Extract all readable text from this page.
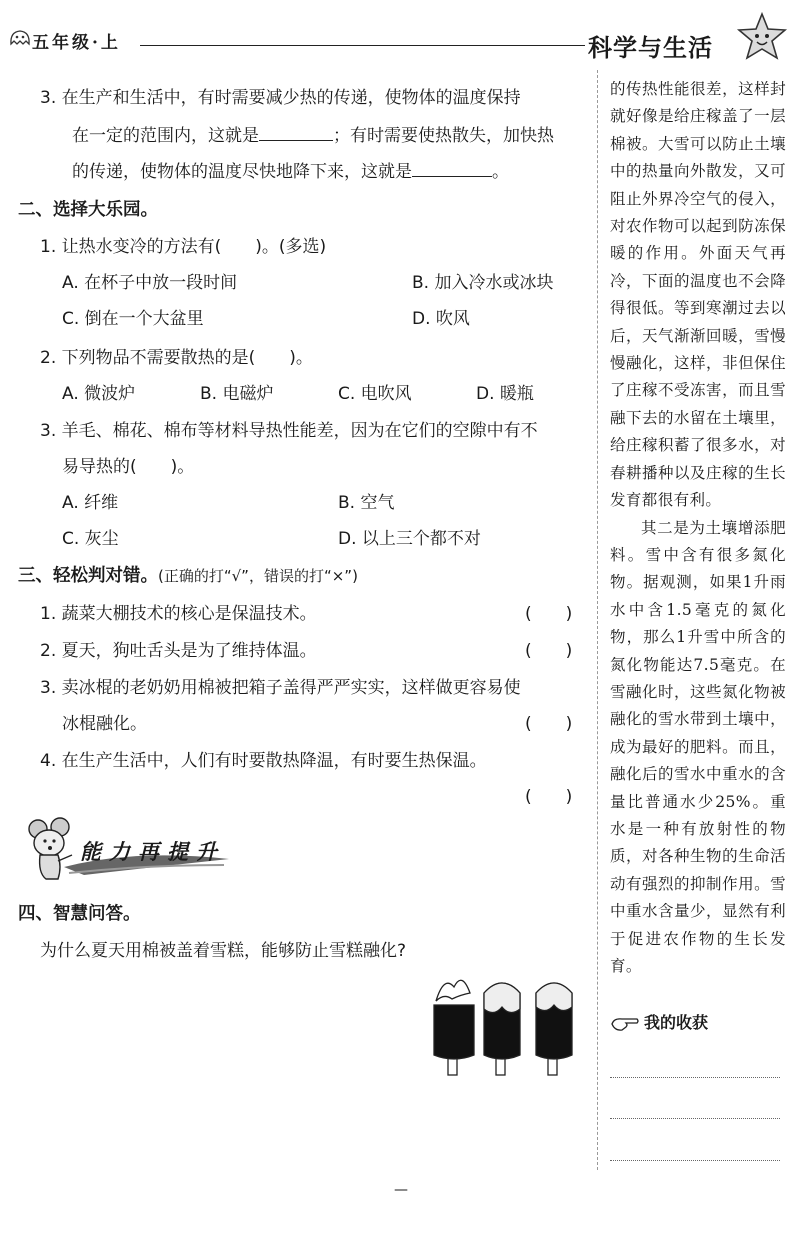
五年级·上	科学与生活
3. 在生产和生活中，有时需要减少热的传递，使物体的温度保持
在一定的范围内，这就是	；有时需要使热散失，加快热
的传递，使物体的温度尽快地降下来，这就是	。
二、选择大乐园。
1. 让热水变冷的方法有(　　)。(多选)
A. 在杯子中放一段时间	B. 加入冷水或冰块
C. 倒在一个大盆里	D. 吹风
2. 下列物品不需要散热的是(　　)。
A. 微波炉	B. 电磁炉	C. 电吹风	D. 暖瓶
3. 羊毛、棉花、棉布等材料导热性能差，因为在它们的空隙中有不
易导热的(　　)。
A. 纤维	B. 空气
C. 灰尘	D. 以上三个都不对
三、轻松判对错。(正确的打“√”，错误的打“×”)
1. 蔬菜大棚技术的核心是保温技术。	(　　)
2. 夏天，狗吐舌头是为了维持体温。	(　　)
3. 卖冰棍的老奶奶用棉被把箱子盖得严严实实，这样做更容易使
冰棍融化。	(　　)
4. 在生产生活中，人们有时要散热降温，有时要生热保温。
(　　)
能力再提升
四、智慧问答。
为什么夏天用棉被盖着雪糕，能够防止雪糕融化?

的传热性能很差，这样封就好像是给庄稼盖了一层棉被。大雪可以防止土壤中的热量向外散发，又可阻止外界冷空气的侵入，对农作物可以起到防冻保暖的作用。外面天气再冷，下面的温度也不会降得很低。等到寒潮过去以后，天气渐渐回暖，雪慢慢融化，这样，非但保住了庄稼不受冻害，而且雪融下去的水留在土壤里，给庄稼积蓄了很多水，对春耕播种以及庄稼的生长发育都很有利。

其二是为土壤增添肥料。雪中含有很多氮化物。据观测，如果1升雨水中含1.5毫克的氮化物，那么1升雪中所含的氮化物能达7.5毫克。在雪融化时，这些氮化物被融化的雪水带到土壤中，成为最好的肥料。而且，融化后的雪水中重水的含量比普通水少25%。重水是一种有放射性的物质，对各种生物的生命活动有强烈的抑制作用。雪中重水含量少，显然有利于促进农作物的生长发育。

我的收获
—
